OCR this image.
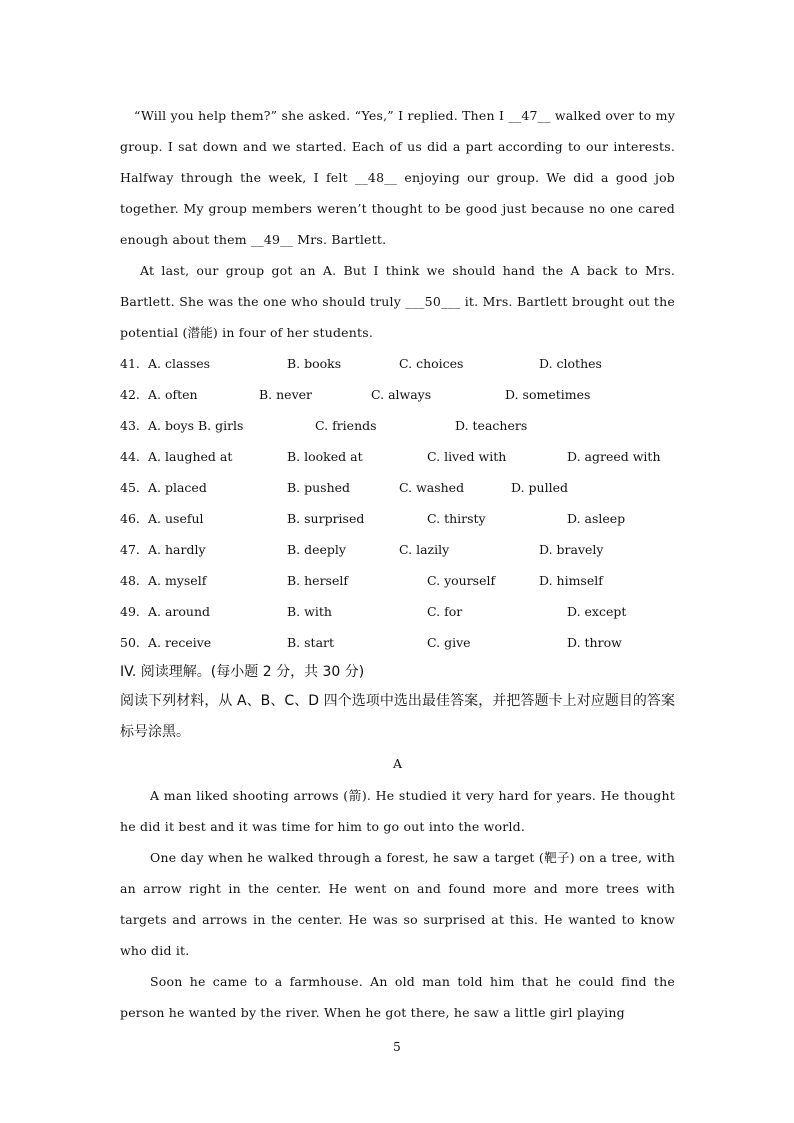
“Will you help them?” she asked. “Yes,” I replied. Then I __47__ walked over to my group. I sat down and we started. Each of us did a part according to our interests. Halfway through the week, I felt __48__ enjoying our group. We did a good job together. My group members weren’t thought to be good just because no one cared enough about them __49__ Mrs. Bartlett.

At last, our group got an A. But I think we should hand the A back to Mrs. Bartlett. She was the one who should truly ___50___ it. Mrs. Bartlett brought out the potential (潜能) in four of her students.

41. A. classes	B. books	C. choices	D. clothes
42. A. often	B. never	C. always	D. sometimes
43. A. boys B. girls	C. friends	D. teachers
44. A. laughed at	B. looked at	C. lived with	D. agreed with
45. A. placed	B. pushed	C. washed	D. pulled
46. A. useful	B. surprised	C. thirsty	D. asleep
47. A. hardly	B. deeply	C. lazily	D. bravely
48. A. myself	B. herself	C. yourself	D. himself
49. A. around	B. with	C. for	D. except
50. A. receive	B. start	C. give	D. throw

IV. 阅读理解。(每小题 2 分，共 30 分)

阅读下列材料，从 A、B、C、D 四个选项中选出最佳答案，并把答题卡上对应题目的答案标号涂黑。

A

A man liked shooting arrows (箭). He studied it very hard for years. He thought he did it best and it was time for him to go out into the world.

One day when he walked through a forest, he saw a target (靶子) on a tree, with an arrow right in the center. He went on and found more and more trees with targets and arrows in the center. He was so surprised at this. He wanted to know who did it.

Soon he came to a farmhouse. An old man told him that he could find the person he wanted by the river. When he got there, he saw a little girl playing

5
